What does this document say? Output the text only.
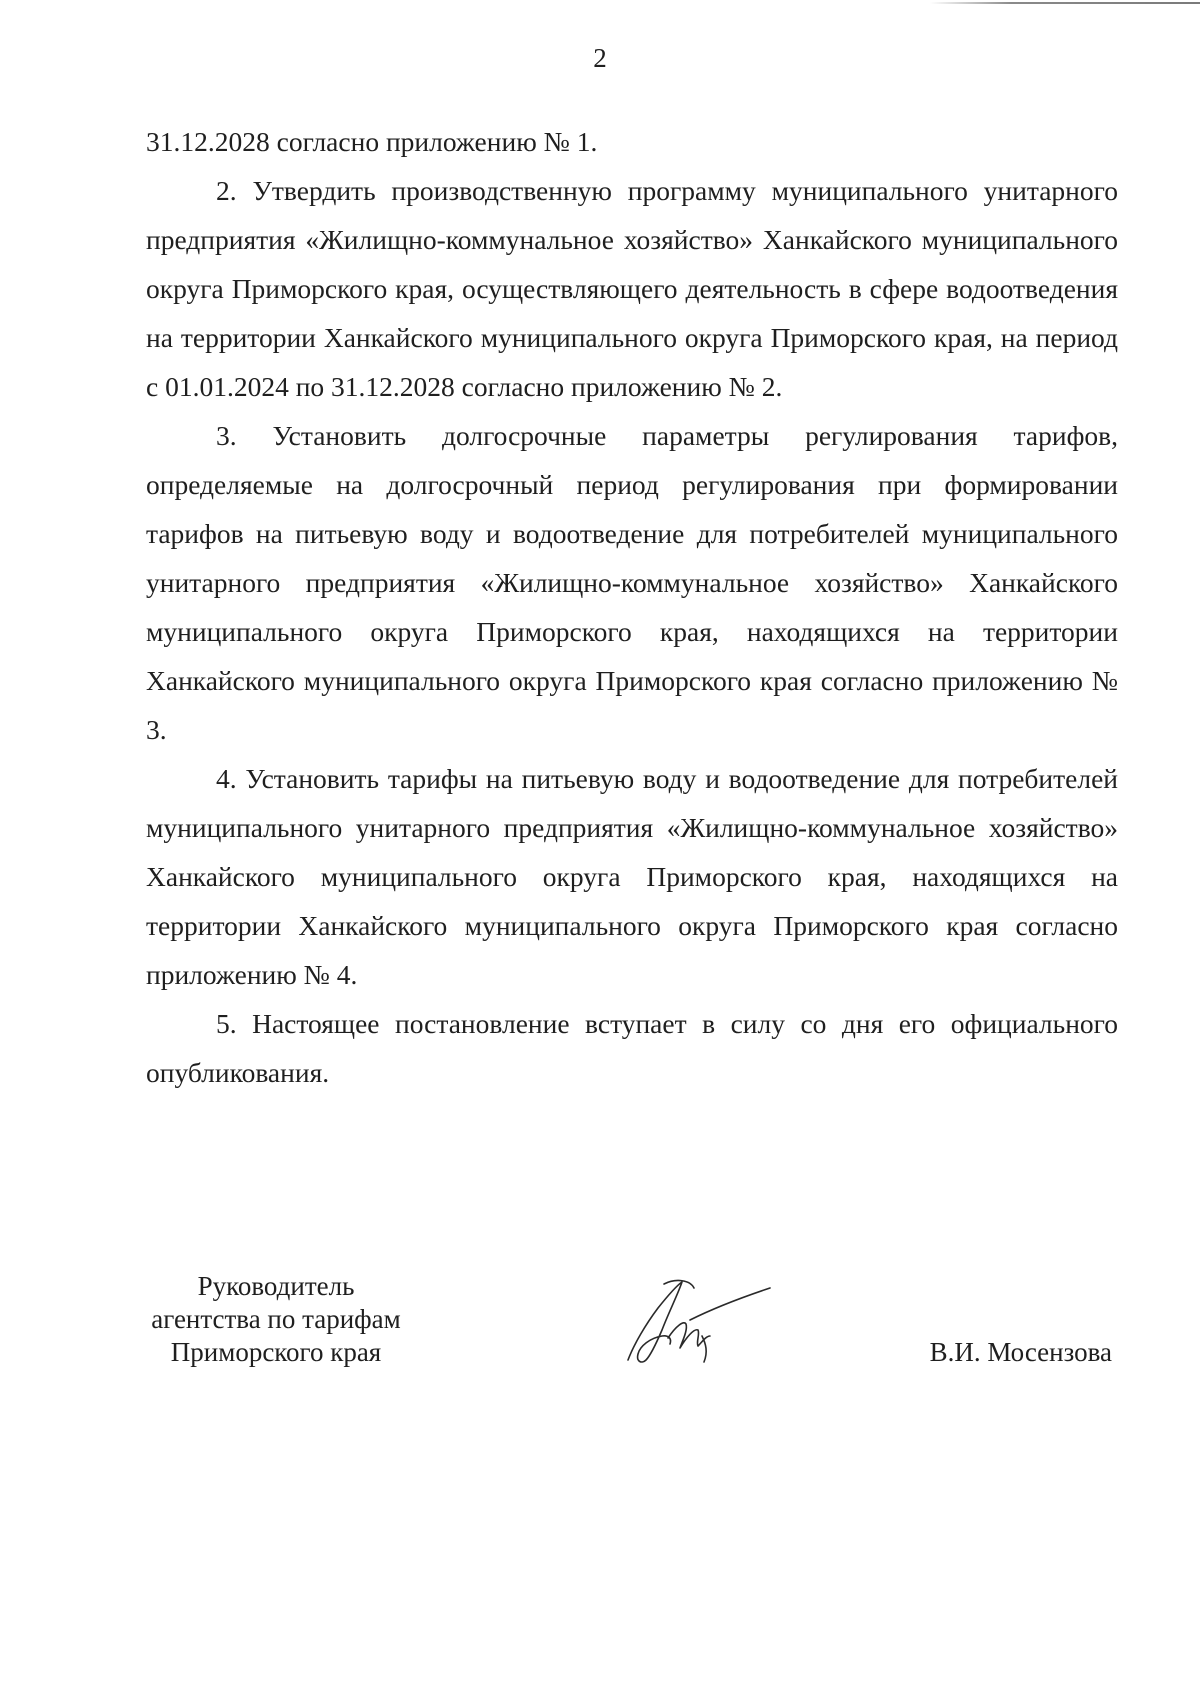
2

31.12.2028 согласно приложению № 1.

2. Утвердить производственную программу муниципального унитарного предприятия «Жилищно-коммунальное хозяйство» Ханкайского муниципального округа Приморского края, осуществляющего деятельность в сфере водоотведения на территории Ханкайского муниципального округа Приморского края, на период с 01.01.2024 по 31.12.2028 согласно приложению № 2.

3. Установить долгосрочные параметры регулирования тарифов, определяемые на долгосрочный период регулирования при формировании тарифов на питьевую воду и водоотведение для потребителей муниципального унитарного предприятия «Жилищно-коммунальное хозяйство» Ханкайского муниципального округа Приморского края, находящихся на территории Ханкайского муниципального округа Приморского края согласно приложению № 3.

4. Установить тарифы на питьевую воду и водоотведение для потребителей муниципального унитарного предприятия «Жилищно-коммунальное хозяйство» Ханкайского муниципального округа Приморского края, находящихся на территории Ханкайского муниципального округа Приморского края согласно приложению № 4.

5. Настоящее постановление вступает в силу со дня его официального опубликования.

Руководитель
агентства по тарифам
Приморского края	В.И. Мосензова
